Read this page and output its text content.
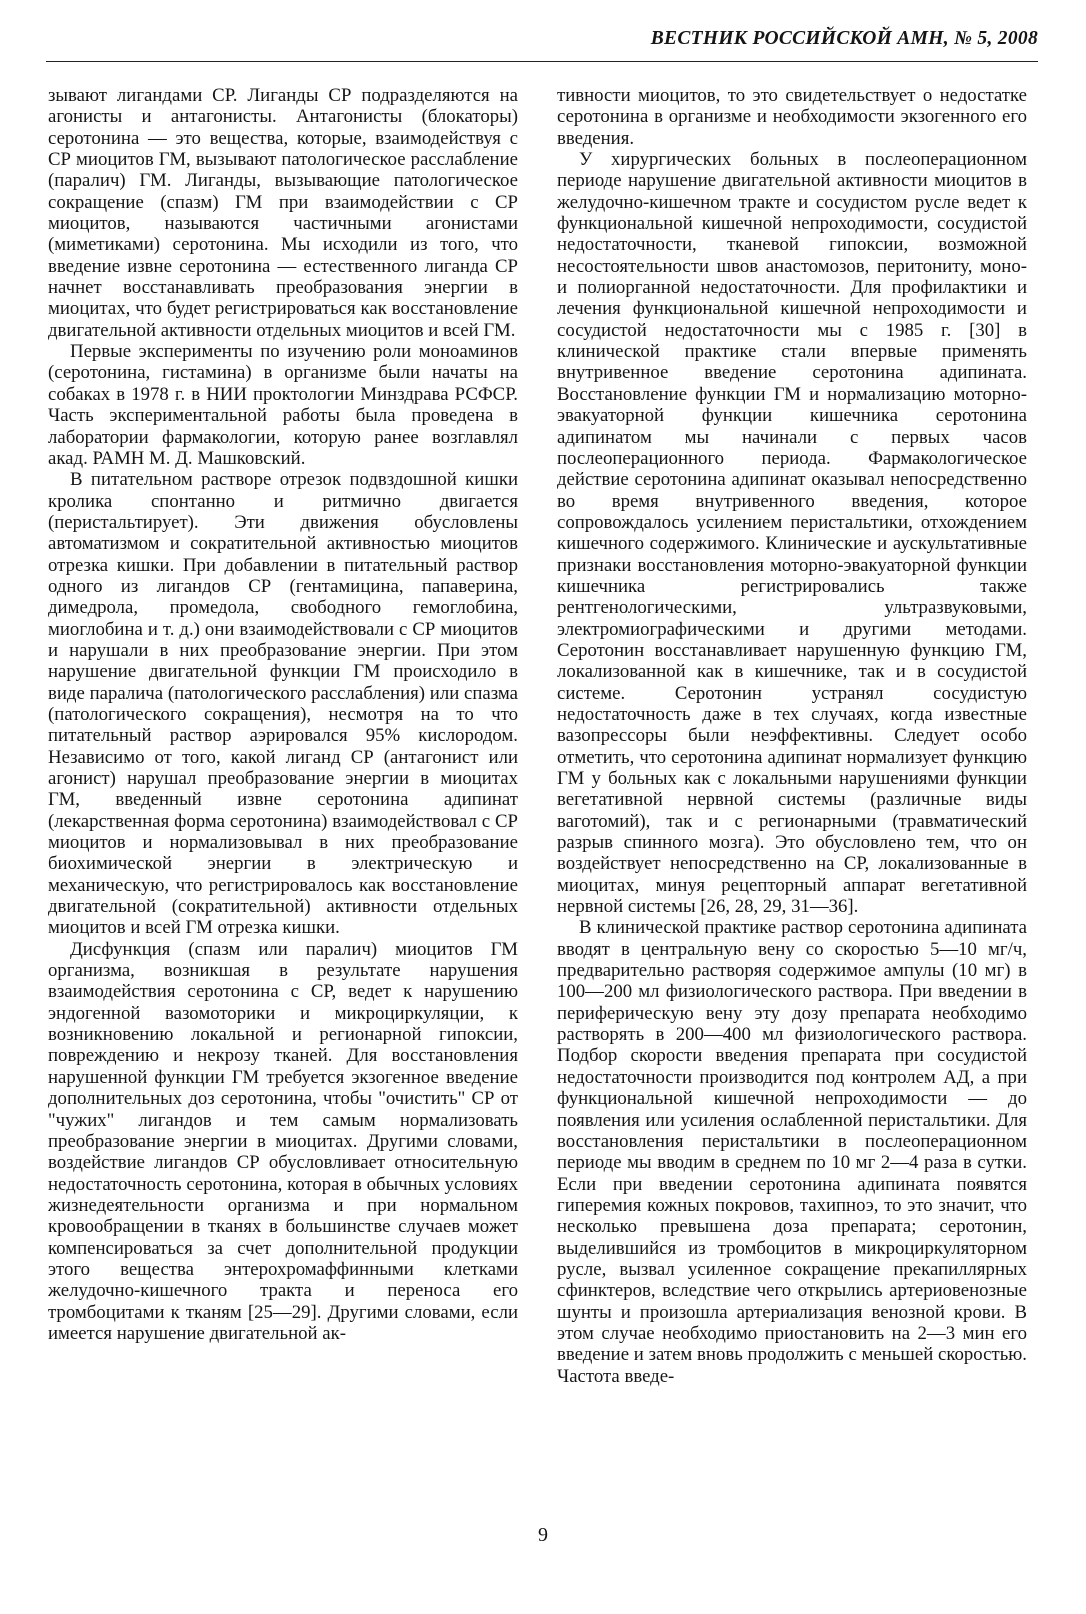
ВЕСТНИК РОССИЙСКОЙ АМН, № 5, 2008

зывают лигандами СР. Лиганды СР подразделяются на агонисты и антагонисты. Антагонисты (блокаторы) серотонина — это вещества, которые, взаимодействуя с СР миоцитов ГМ, вызывают патологическое расслабление (паралич) ГМ. Лиганды, вызывающие патологическое сокращение (спазм) ГМ при взаимодействии с СР миоцитов, называются частичными агонистами (миметиками) серотонина. Мы исходили из того, что введение извне серотонина — естественного лиганда СР начнет восстанавливать преобразования энергии в миоцитах, что будет регистрироваться как восстановление двигательной активности отдельных миоцитов и всей ГМ.

Первые эксперименты по изучению роли моноаминов (серотонина, гистамина) в организме были начаты на собаках в 1978 г. в НИИ проктологии Минздрава РСФСР. Часть экспериментальной работы была проведена в лаборатории фармакологии, которую ранее возглавлял акад. РАМН М. Д. Машковский.

В питательном растворе отрезок подвздошной кишки кролика спонтанно и ритмично двигается (перистальтирует). Эти движения обусловлены автоматизмом и сократительной активностью миоцитов отрезка кишки. При добавлении в питательный раствор одного из лигандов СР (гентамицина, папаверина, димедрола, промедола, свободного гемоглобина, миоглобина и т. д.) они взаимодействовали с СР миоцитов и нарушали в них преобразование энергии. При этом нарушение двигательной функции ГМ происходило в виде паралича (патологического расслабления) или спазма (патологического сокращения), несмотря на то что питательный раствор аэрировался 95% кислородом. Независимо от того, какой лиганд СР (антагонист или агонист) нарушал преобразование энергии в миоцитах ГМ, введенный извне серотонина адипинат (лекарственная форма серотонина) взаимодействовал с СР миоцитов и нормализовывал в них преобразование биохимической энергии в электрическую и механическую, что регистрировалось как восстановление двигательной (сократительной) активности отдельных миоцитов и всей ГМ отрезка кишки.

Дисфункция (спазм или паралич) миоцитов ГМ организма, возникшая в результате нарушения взаимодействия серотонина с СР, ведет к нарушению эндогенной вазомоторики и микроциркуляции, к возникновению локальной и регионарной гипоксии, повреждению и некрозу тканей. Для восстановления нарушенной функции ГМ требуется экзогенное введение дополнительных доз серотонина, чтобы "очистить" СР от "чужих" лигандов и тем самым нормализовать преобразование энергии в миоцитах. Другими словами, воздействие лигандов СР обусловливает относительную недостаточность серотонина, которая в обычных условиях жизнедеятельности организма и при нормальном кровообращении в тканях в большинстве случаев может компенсироваться за счет дополнительной продукции этого вещества энтерохромаффинными клетками желудочно-кишечного тракта и переноса его тромбоцитами к тканям [25—29]. Другими словами, если имеется нарушение двигательной ак-

тивности миоцитов, то это свидетельствует о недостатке серотонина в организме и необходимости экзогенного его введения.

У хирургических больных в послеоперационном периоде нарушение двигательной активности миоцитов в желудочно-кишечном тракте и сосудистом русле ведет к функциональной кишечной непроходимости, сосудистой недостаточности, тканевой гипоксии, возможной несостоятельности швов анастомозов, перитониту, моно- и полиорганной недостаточности. Для профилактики и лечения функциональной кишечной непроходимости и сосудистой недостаточности мы с 1985 г. [30] в клинической практике стали впервые применять внутривенное введение серотонина адипината. Восстановление функции ГМ и нормализацию моторно-эвакуаторной функции кишечника серотонина адипинатом мы начинали с первых часов послеоперационного периода. Фармакологическое действие серотонина адипинат оказывал непосредственно во время внутривенного введения, которое сопровождалось усилением перистальтики, отхождением кишечного содержимого. Клинические и аускультативные признаки восстановления моторно-эвакуаторной функции кишечника регистрировались также рентгенологическими, ультразвуковыми, электромиографическими и другими методами. Серотонин восстанавливает нарушенную функцию ГМ, локализованной как в кишечнике, так и в сосудистой системе. Серотонин устранял сосудистую недостаточность даже в тех случаях, когда известные вазопрессоры были неэффективны. Следует особо отметить, что серотонина адипинат нормализует функцию ГМ у больных как с локальными нарушениями функции вегетативной нервной системы (различные виды ваготомий), так и с регионарными (травматический разрыв спинного мозга). Это обусловлено тем, что он воздействует непосредственно на СР, локализованные в миоцитах, минуя рецепторный аппарат вегетативной нервной системы [26, 28, 29, 31—36].

В клинической практике раствор серотонина адипината вводят в центральную вену со скоростью 5—10 мг/ч, предварительно растворяя содержимое ампулы (10 мг) в 100—200 мл физиологического раствора. При введении в периферическую вену эту дозу препарата необходимо растворять в 200—400 мл физиологического раствора. Подбор скорости введения препарата при сосудистой недостаточности производится под контролем АД, а при функциональной кишечной непроходимости — до появления или усиления ослабленной перистальтики. Для восстановления перистальтики в послеоперационном периоде мы вводим в среднем по 10 мг 2—4 раза в сутки. Если при введении серотонина адипината появятся гиперемия кожных покровов, тахипноэ, то это значит, что несколько превышена доза препарата; серотонин, выделившийся из тромбоцитов в микроциркуляторном русле, вызвал усиленное сокращение прекапиллярных сфинктеров, вследствие чего открылись артериовенозные шунты и произошла артериализация венозной крови. В этом случае необходимо приостановить на 2—3 мин его введение и затем вновь продолжить с меньшей скоростью. Частота введе-

9
